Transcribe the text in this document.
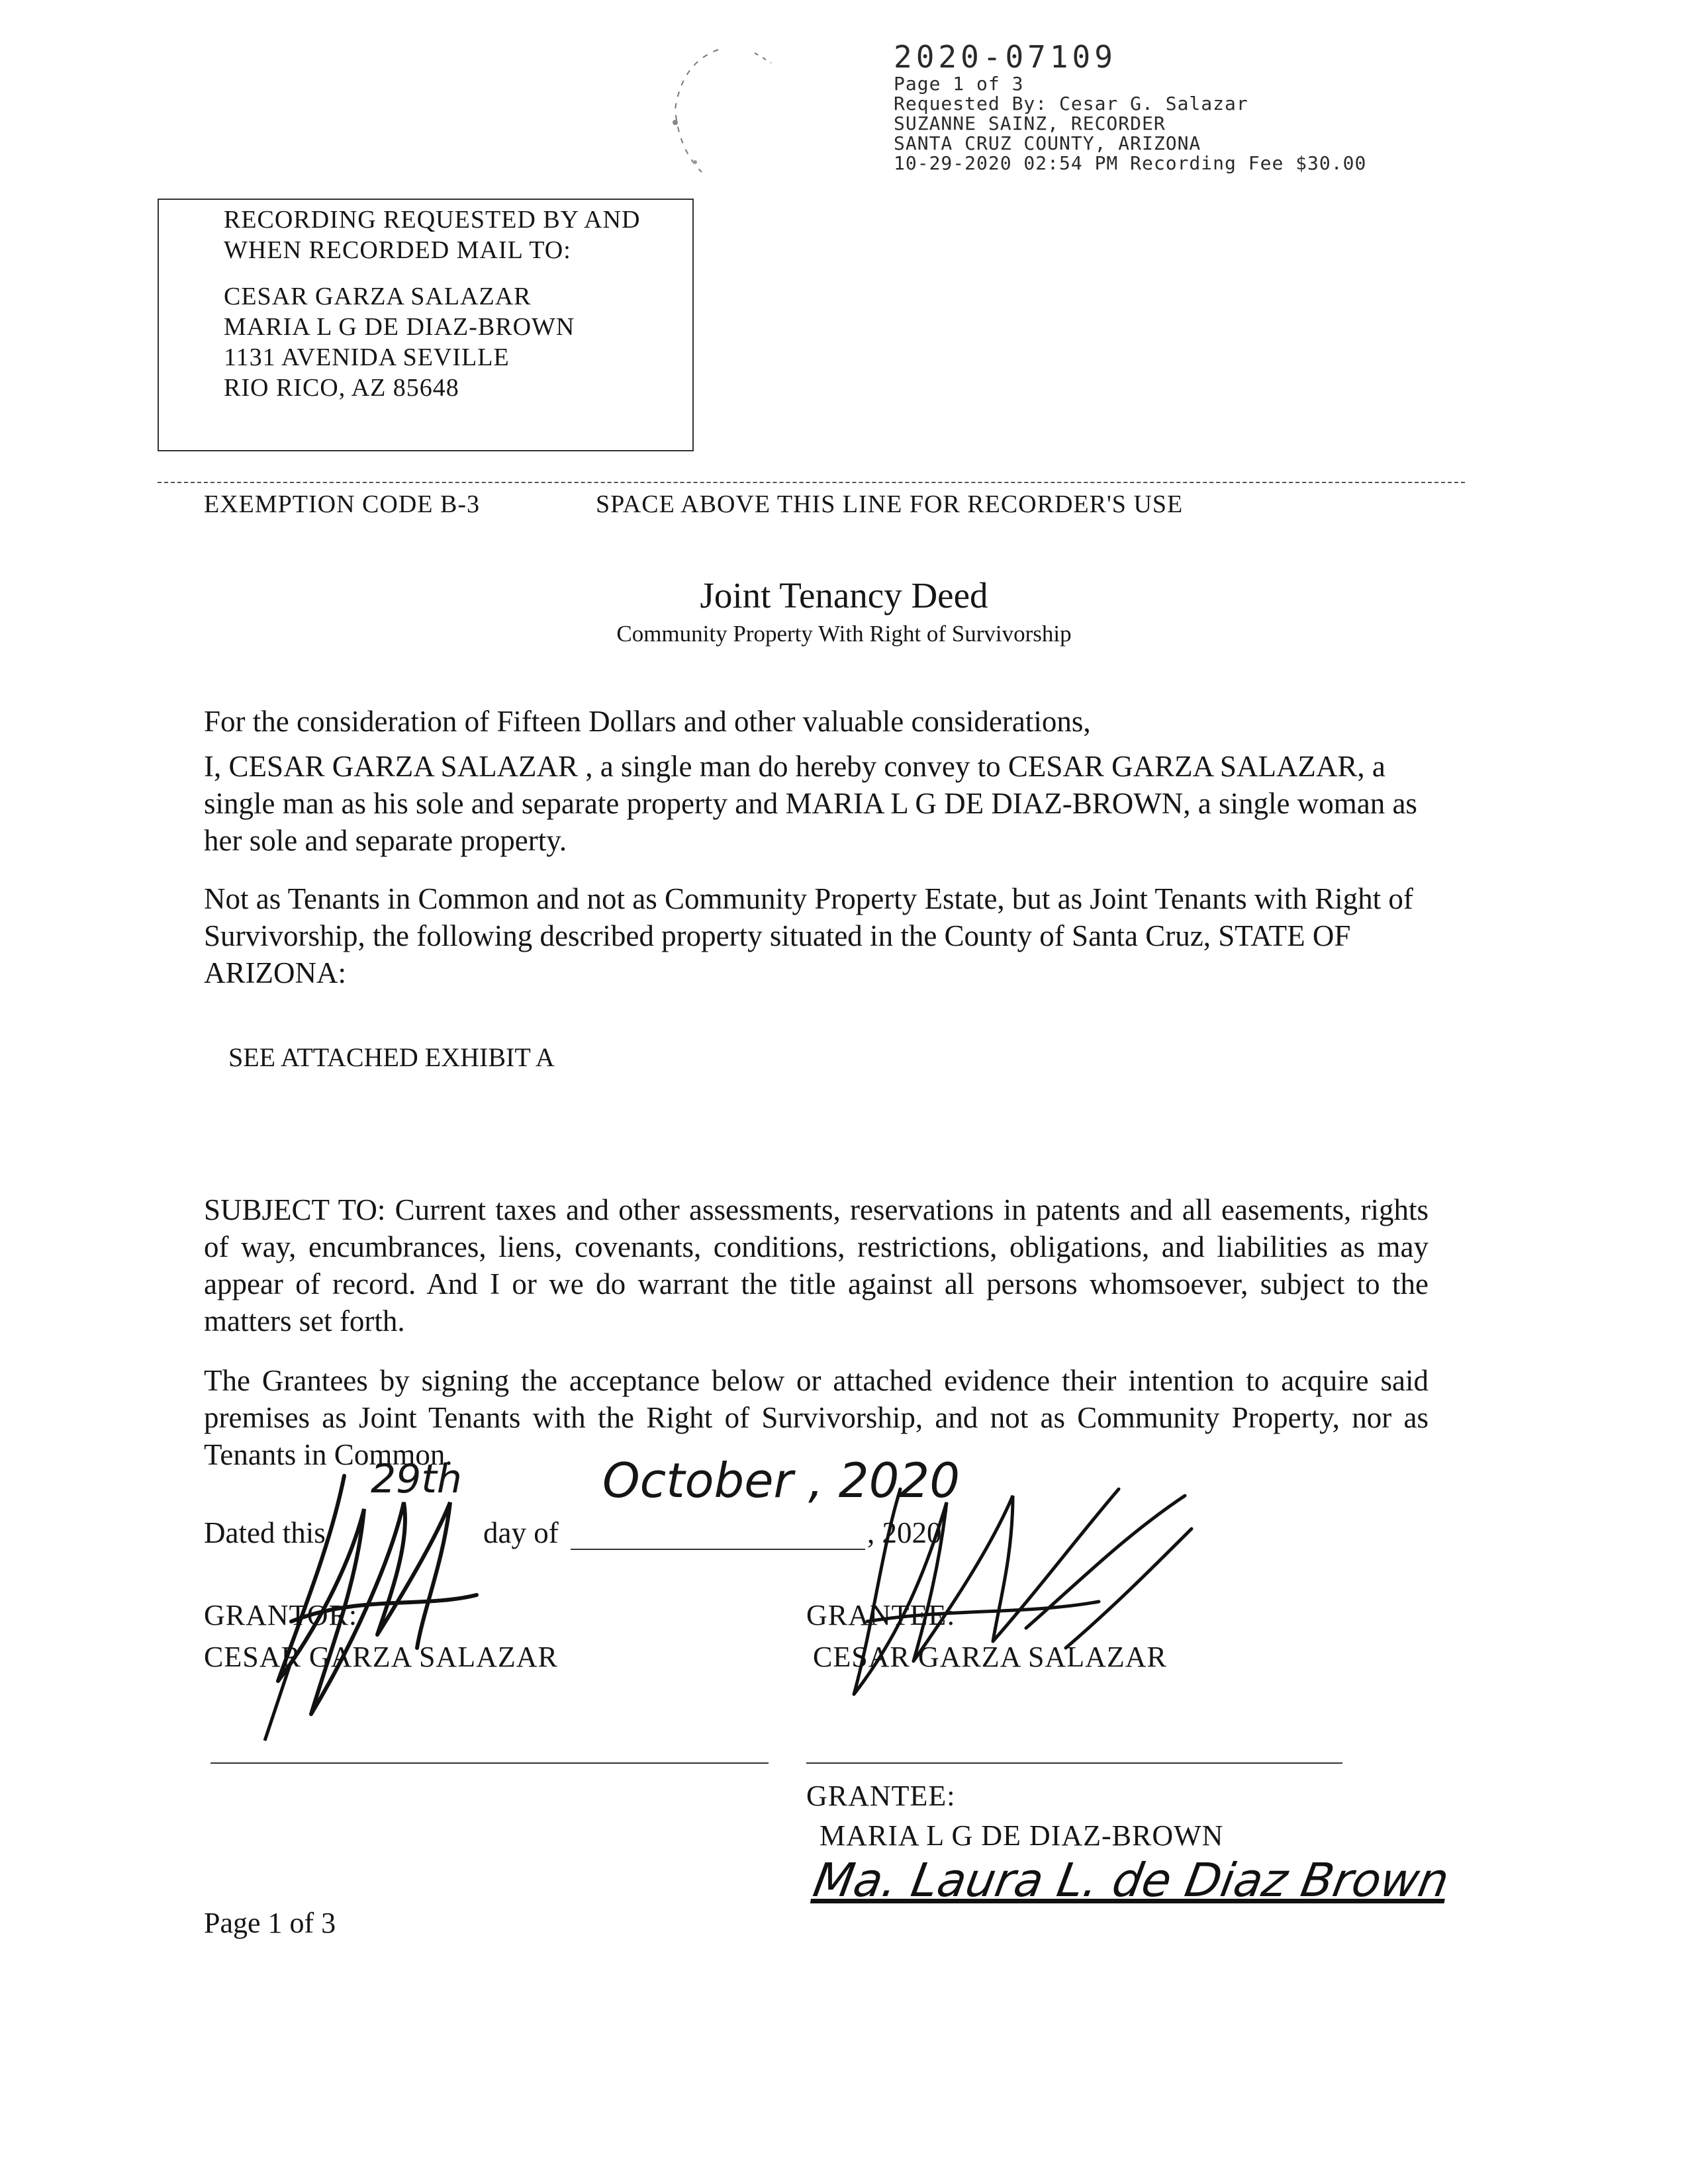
2020-07109
Page 1 of 3
Requested By: Cesar G. Salazar
SUZANNE SAINZ, RECORDER
SANTA CRUZ COUNTY, ARIZONA
10-29-2020 02:54 PM Recording Fee $30.00
RECORDING REQUESTED BY AND
WHEN RECORDED MAIL TO:
CESAR GARZA SALAZAR
MARIA L G DE DIAZ-BROWN
1131 AVENIDA SEVILLE
RIO RICO, AZ 85648
EXEMPTION CODE B-3	SPACE ABOVE THIS LINE FOR RECORDER'S USE
Joint Tenancy Deed
Community Property With Right of Survivorship
For the consideration of Fifteen Dollars and other valuable considerations,
I, CESAR GARZA SALAZAR , a single man do hereby convey to CESAR GARZA SALAZAR, a single man as his sole and separate property and MARIA L G DE DIAZ-BROWN, a single woman as her sole and separate property.
Not as Tenants in Common and not as Community Property Estate, but as Joint Tenants with Right of Survivorship, the following described property situated in the County of Santa Cruz, STATE OF ARIZONA:
SEE ATTACHED EXHIBIT A
SUBJECT TO: Current taxes and other assessments, reservations in patents and all easements, rights of way, encumbrances, liens, covenants, conditions, restrictions, obligations, and liabilities as may appear of record. And I or we do warrant the title against all persons whomsoever, subject to the matters set forth.
The Grantees by signing the acceptance below or attached evidence their intention to acquire said premises as Joint Tenants with the Right of Survivorship, and not as Community Property, nor as Tenants in Common.
Dated this	day of	, 2020
29th	October , 2020
GRANTOR:
CESAR GARZA SALAZAR
GRANTEE:
CESAR GARZA SALAZAR
GRANTEE:
MARIA L G DE DIAZ-BROWN
Ma. Laura L. de Diaz Brown
Page 1 of 3
